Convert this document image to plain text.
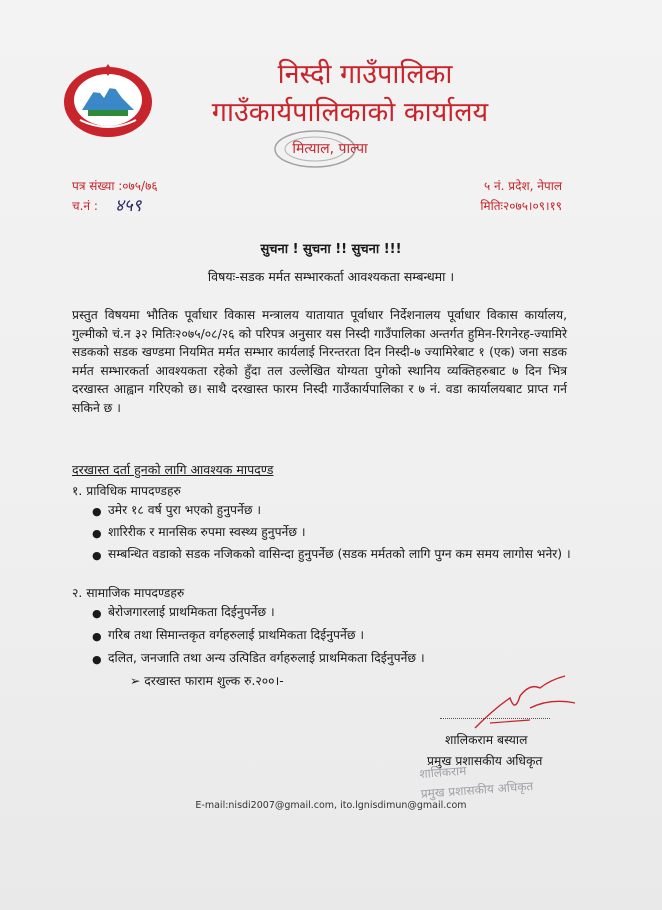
निस्दी गाउँपालिका
गाउँकार्यपालिकाको कार्यालय
मित्याल, पाल्पा
पत्र संख्या :०७५/७६
च.नं : ४५९
५ नं. प्रदेश, नेपाल
मितिः२०७५।०९।१९
सुचना ! सुचना !! सुचना !!!
विषयः-सडक मर्मत सम्भारकर्ता आवश्यकता सम्बन्धमा ।
प्रस्तुत विषयमा भौतिक पूर्वाधार विकास मन्त्रालय यातायात पूर्वाधार निर्देशनालय पूर्वाधार विकास कार्यालय, गुल्मीको चं.न ३२ मितिः२०७५/०८/२६ को परिपत्र अनुसार यस निस्दी गाउँपालिका अन्तर्गत हुमिन-रिगनेरह-ज्यामिरे सडकको सडक खण्डमा नियमित मर्मत सम्भार कार्यलाई निरन्तरता दिन निस्दी-७ ज्यामिरेबाट १ (एक) जना सडक मर्मत सम्भारकर्ता आवश्यकता रहेको हुँदा तल उल्लेखित योग्यता पुगेको स्थानिय व्यक्तिहरुबाट ७ दिन भित्र दरखास्त आह्वान गरिएको छ। साथै दरखास्त फारम निस्दी गाउँकार्यपालिका र ७ नं. वडा कार्यालयबाट प्राप्त गर्न सकिने छ ।
दरखास्त दर्ता हुनको लागि आवश्यक मापदण्ड
१. प्राविधिक मापदण्डहरु
● उमेर १८ वर्ष पुरा भएको हुनुपर्नेछ ।
● शारिरीक र मानसिक रुपमा स्वस्थ्य हुनुपर्नेछ ।
● सम्बन्धित वडाको सडक नजिकको वासिन्दा हुनुपर्नेछ (सडक मर्मतको लागि पुग्न कम समय लागोस भनेर) ।
२. सामाजिक मापदण्डहरु
● बेरोजगारलाई प्राथमिकता दिईनुपर्नेछ ।
● गरिब तथा सिमान्तकृत वर्गहरुलाई प्राथमिकता दिईनुपर्नेछ ।
● दलित, जनजाति तथा अन्य उत्पिडित वर्गहरुलाई प्राथमिकता दिईनुपर्नेछ ।
➢ दरखास्त फाराम शुल्क रु.२००।-
शालिकराम बस्याल
प्रमुख प्रशासकीय अधिकृत
शालिकराम
प्रमुख प्रशासकीय अधिकृत
E-mail:nisdi2007@gmail.com, ito.lgnisdimun@gmail.com
